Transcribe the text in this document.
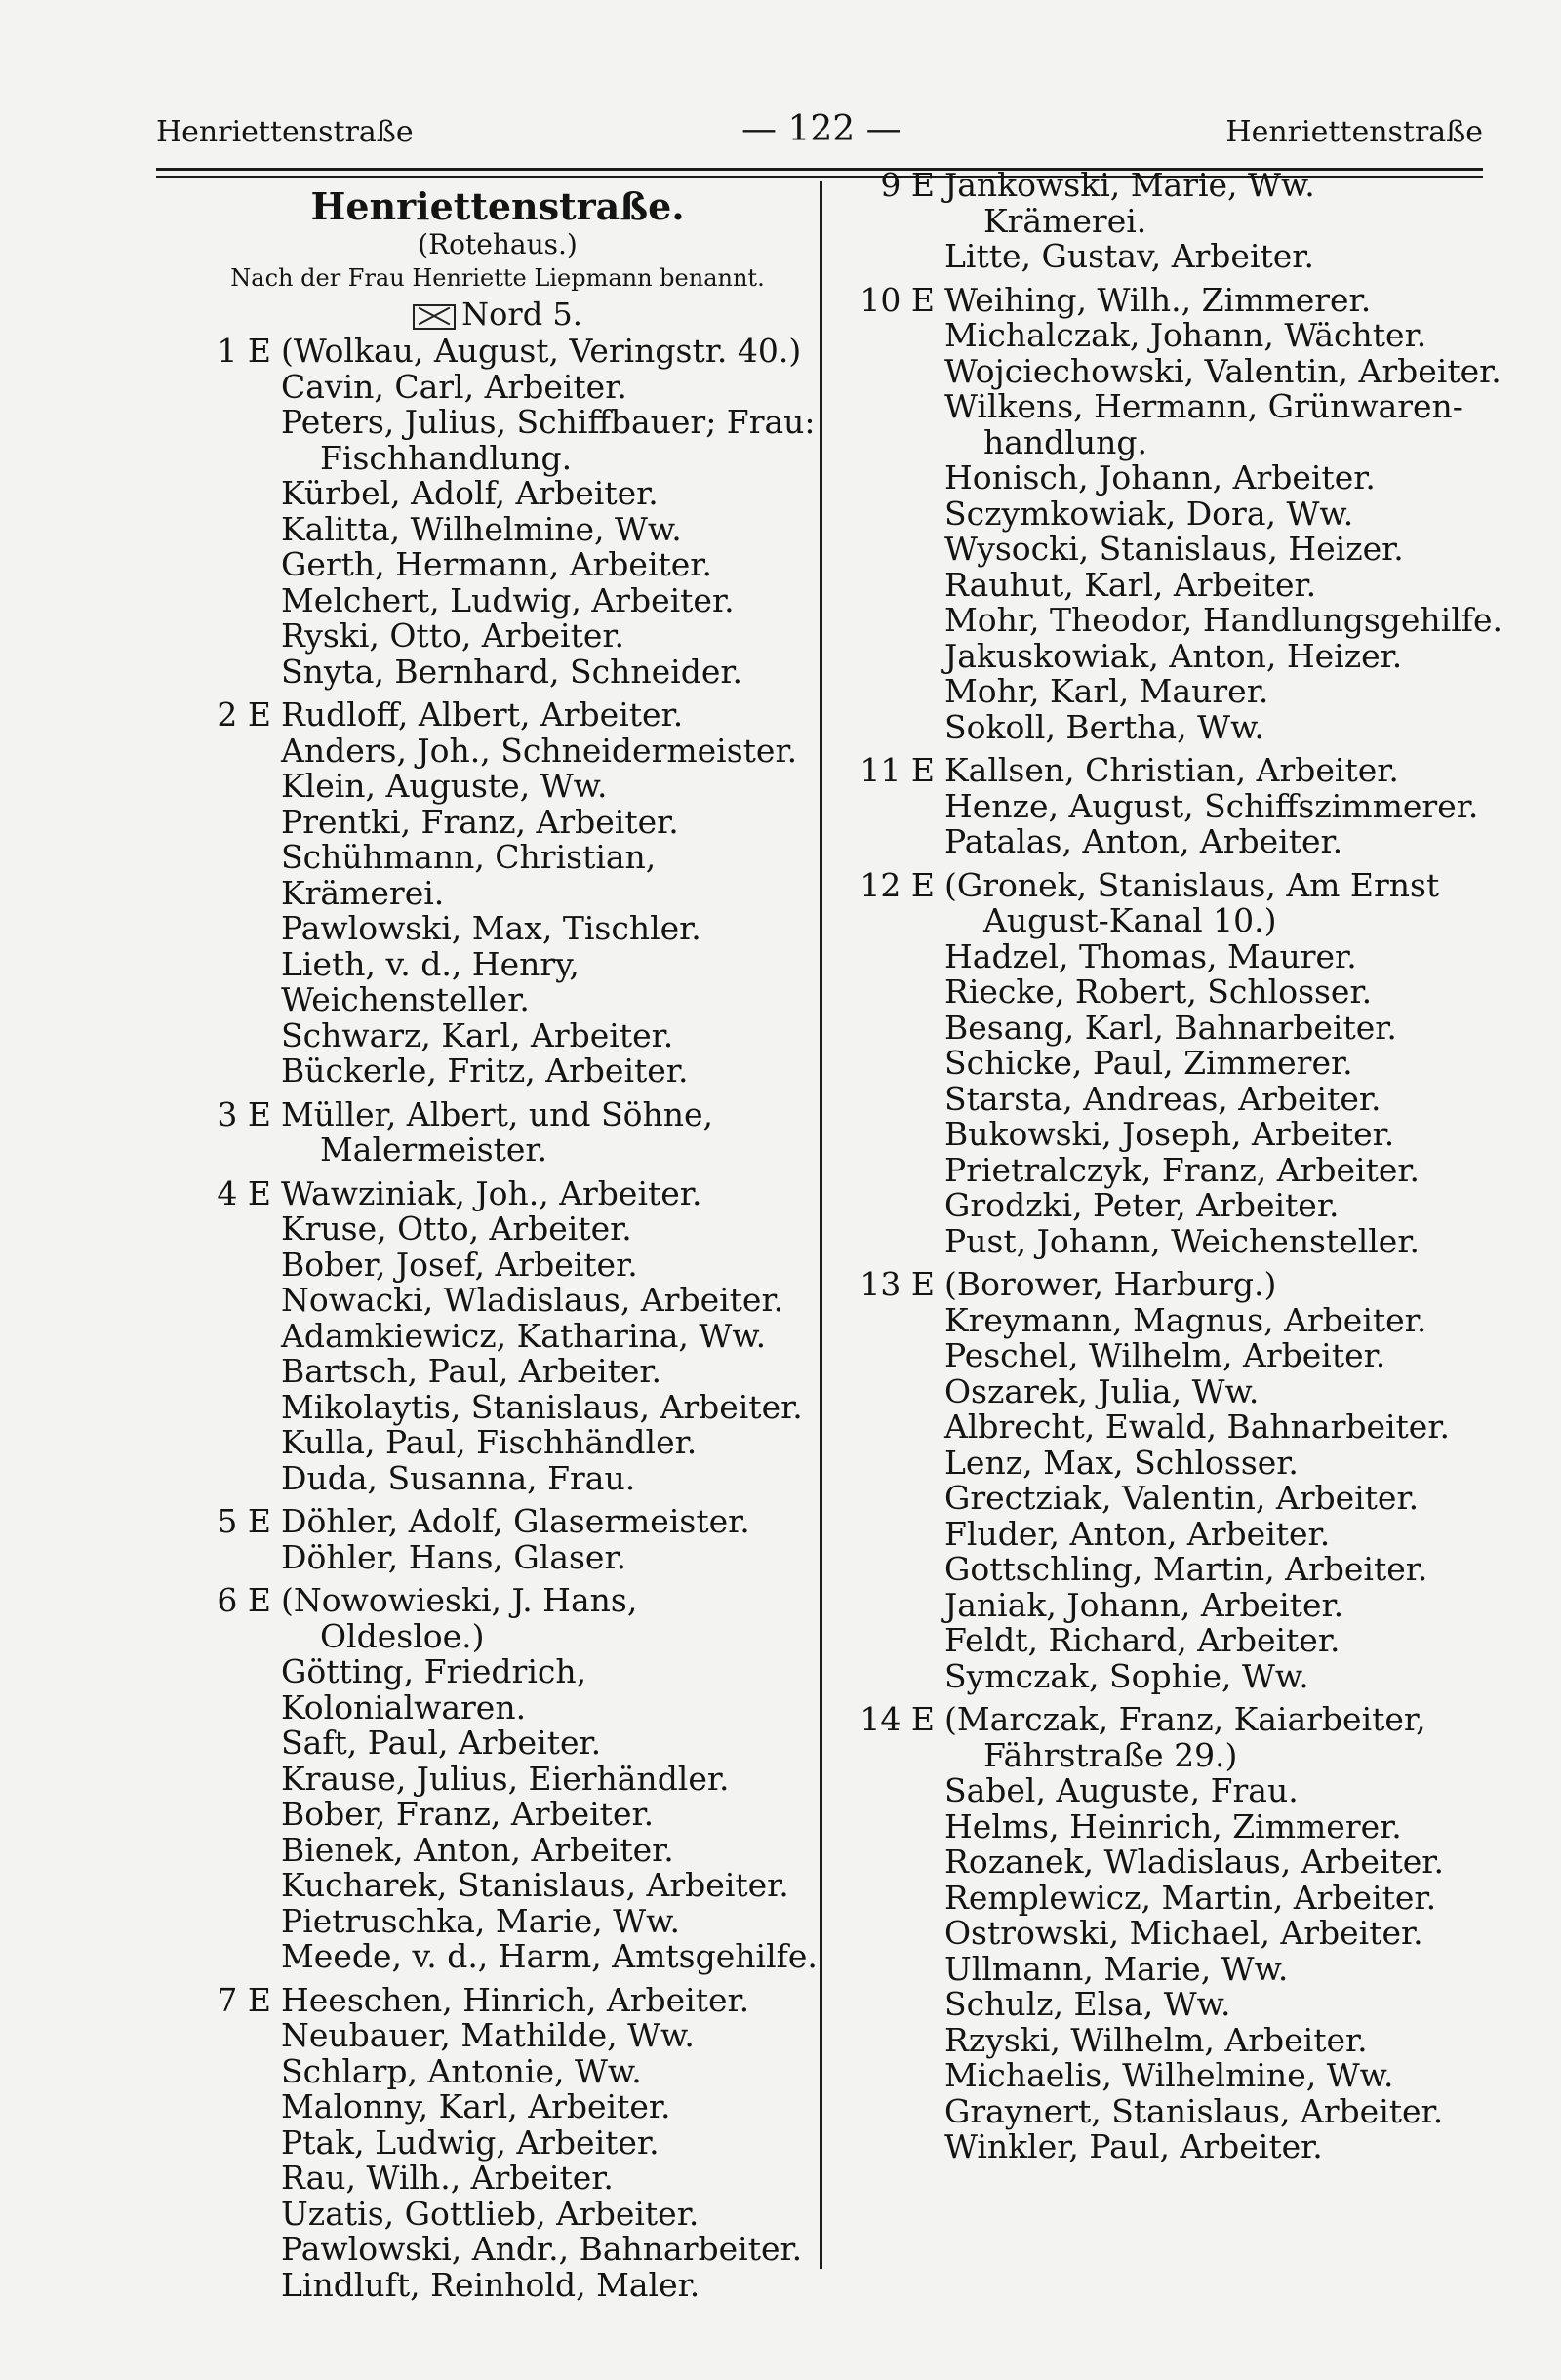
Henriettenstraße	— 122 —	Henriettenstraße
Henriettenstraße.
(Rotehaus.)
Nach der Frau Henriette Liepmann benannt.
Nord 5.
1 E (Wolkau, August, Veringstr. 40.)
Cavin, Carl, Arbeiter.
Peters, Julius, Schiffbauer; Frau:
Fischhandlung.
Kürbel, Adolf, Arbeiter.
Kalitta, Wilhelmine, Ww.
Gerth, Hermann, Arbeiter.
Melchert, Ludwig, Arbeiter.
Ryski, Otto, Arbeiter.
Snyta, Bernhard, Schneider.
2 E Rudloff, Albert, Arbeiter.
Anders, Joh., Schneidermeister.
Klein, Auguste, Ww.
Prentki, Franz, Arbeiter.
Schühmann, Christian, Krämerei.
Pawlowski, Max, Tischler.
Lieth, v. d., Henry, Weichensteller.
Schwarz, Karl, Arbeiter.
Bückerle, Fritz, Arbeiter.
3 E Müller, Albert, und Söhne,
Malermeister.
4 E Wawziniak, Joh., Arbeiter.
Kruse, Otto, Arbeiter.
Bober, Josef, Arbeiter.
Nowacki, Wladislaus, Arbeiter.
Adamkiewicz, Katharina, Ww.
Bartsch, Paul, Arbeiter.
Mikolaytis, Stanislaus, Arbeiter.
Kulla, Paul, Fischhändler.
Duda, Susanna, Frau.
5 E Döhler, Adolf, Glasermeister.
Döhler, Hans, Glaser.
6 E (Nowowieski, J. Hans,
Oldesloe.)
Götting, Friedrich, Kolonialwaren.
Saft, Paul, Arbeiter.
Krause, Julius, Eierhändler.
Bober, Franz, Arbeiter.
Bienek, Anton, Arbeiter.
Kucharek, Stanislaus, Arbeiter.
Pietruschka, Marie, Ww.
Meede, v. d., Harm, Amtsgehilfe.
7 E Heeschen, Hinrich, Arbeiter.
Neubauer, Mathilde, Ww.
Schlarp, Antonie, Ww.
Malonny, Karl, Arbeiter.
Ptak, Ludwig, Arbeiter.
Rau, Wilh., Arbeiter.
Uzatis, Gottlieb, Arbeiter.
Pawlowski, Andr., Bahnarbeiter.
Lindluft, Reinhold, Maler.
9 E Jankowski, Marie, Ww.
Krämerei.
Litte, Gustav, Arbeiter.
10 E Weihing, Wilh., Zimmerer.
Michalczak, Johann, Wächter.
Wojciechowski, Valentin, Arbeiter.
Wilkens, Hermann, Grünwaren-
handlung.
Honisch, Johann, Arbeiter.
Sczymkowiak, Dora, Ww.
Wysocki, Stanislaus, Heizer.
Rauhut, Karl, Arbeiter.
Mohr, Theodor, Handlungsgehilfe.
Jakuskowiak, Anton, Heizer.
Mohr, Karl, Maurer.
Sokoll, Bertha, Ww.
11 E Kallsen, Christian, Arbeiter.
Henze, August, Schiffszimmerer.
Patalas, Anton, Arbeiter.
12 E (Gronek, Stanislaus, Am Ernst
August-Kanal 10.)
Hadzel, Thomas, Maurer.
Riecke, Robert, Schlosser.
Besang, Karl, Bahnarbeiter.
Schicke, Paul, Zimmerer.
Starsta, Andreas, Arbeiter.
Bukowski, Joseph, Arbeiter.
Prietralczyk, Franz, Arbeiter.
Grodzki, Peter, Arbeiter.
Pust, Johann, Weichensteller.
13 E (Borower, Harburg.)
Kreymann, Magnus, Arbeiter.
Peschel, Wilhelm, Arbeiter.
Oszarek, Julia, Ww.
Albrecht, Ewald, Bahnarbeiter.
Lenz, Max, Schlosser.
Grectziak, Valentin, Arbeiter.
Fluder, Anton, Arbeiter.
Gottschling, Martin, Arbeiter.
Janiak, Johann, Arbeiter.
Feldt, Richard, Arbeiter.
Symczak, Sophie, Ww.
14 E (Marczak, Franz, Kaiarbeiter,
Fährstraße 29.)
Sabel, Auguste, Frau.
Helms, Heinrich, Zimmerer.
Rozanek, Wladislaus, Arbeiter.
Remplewicz, Martin, Arbeiter.
Ostrowski, Michael, Arbeiter.
Ullmann, Marie, Ww.
Schulz, Elsa, Ww.
Rzyski, Wilhelm, Arbeiter.
Michaelis, Wilhelmine, Ww.
Graynert, Stanislaus, Arbeiter.
Winkler, Paul, Arbeiter.
